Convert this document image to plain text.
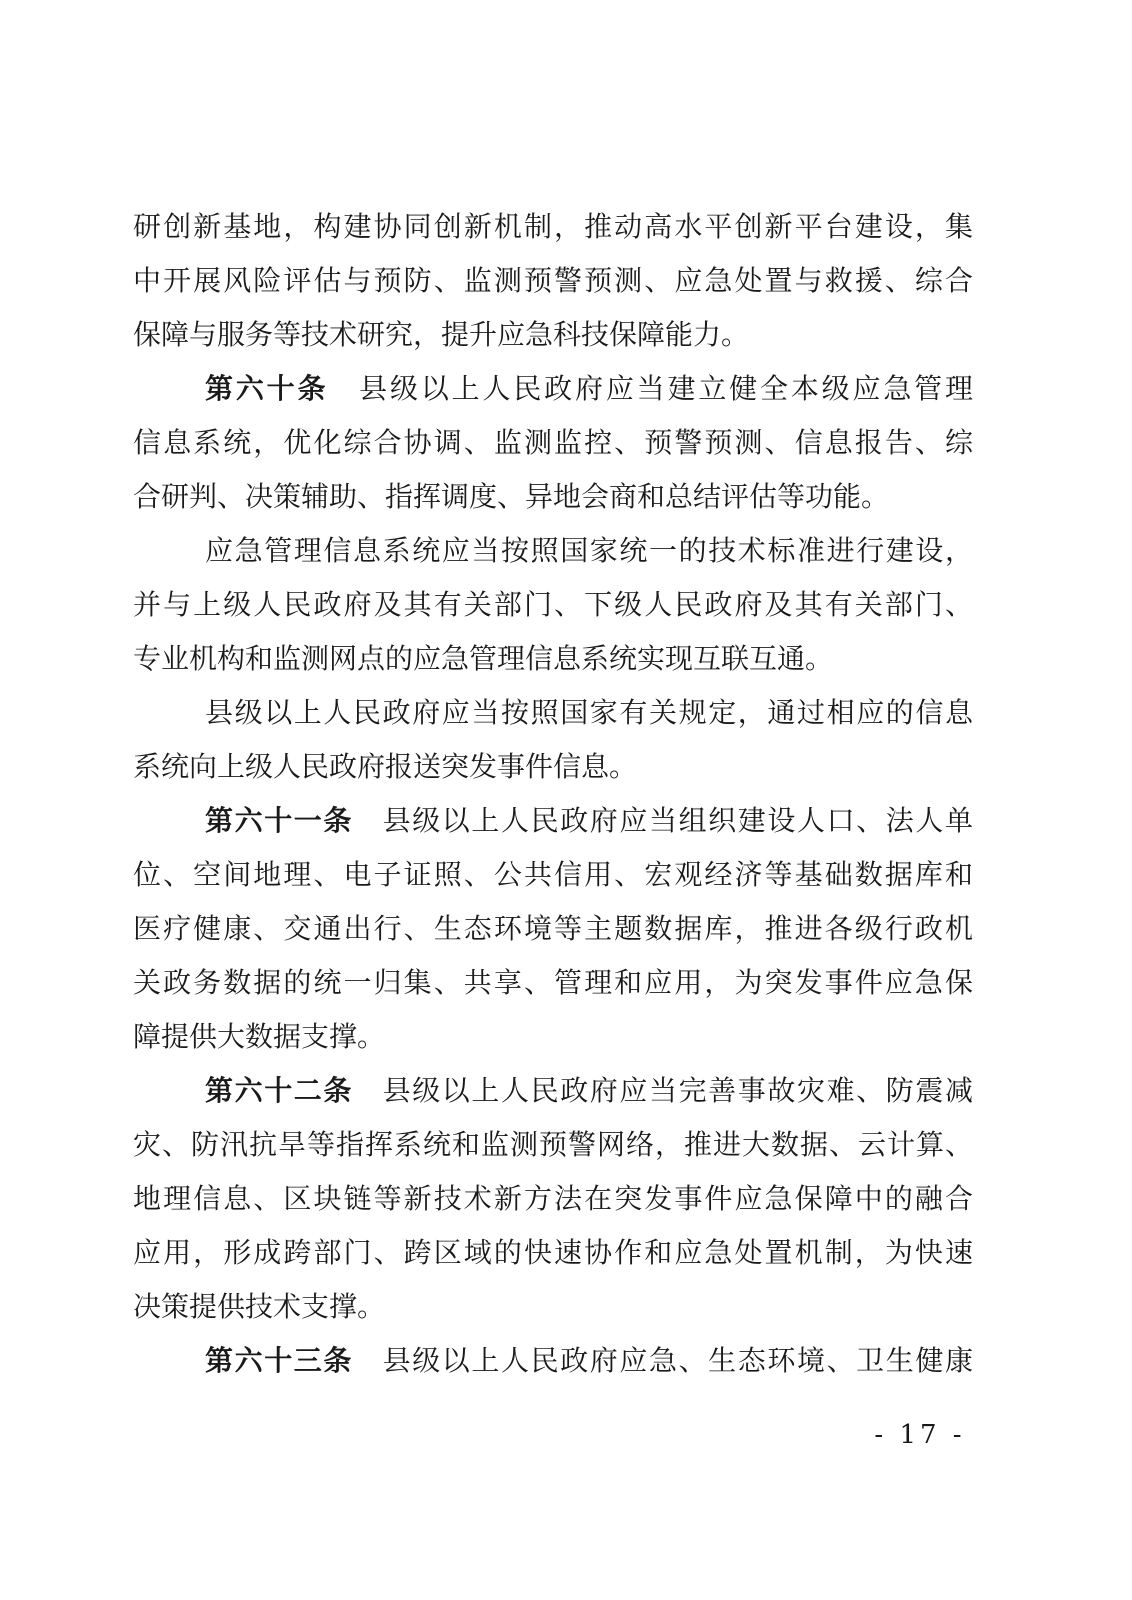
研创新基地，构建协同创新机制，推动高水平创新平台建设，集
中开展风险评估与预防、监测预警预测、应急处置与救援、综合
保障与服务等技术研究，提升应急科技保障能力。
第六十条　县级以上人民政府应当建立健全本级应急管理
信息系统，优化综合协调、监测监控、预警预测、信息报告、综
合研判、决策辅助、指挥调度、异地会商和总结评估等功能。
应急管理信息系统应当按照国家统一的技术标准进行建设，
并与上级人民政府及其有关部门、下级人民政府及其有关部门、
专业机构和监测网点的应急管理信息系统实现互联互通。
县级以上人民政府应当按照国家有关规定，通过相应的信息
系统向上级人民政府报送突发事件信息。
第六十一条　县级以上人民政府应当组织建设人口、法人单
位、空间地理、电子证照、公共信用、宏观经济等基础数据库和
医疗健康、交通出行、生态环境等主题数据库，推进各级行政机
关政务数据的统一归集、共享、管理和应用，为突发事件应急保
障提供大数据支撑。
第六十二条　县级以上人民政府应当完善事故灾难、防震减
灾、防汛抗旱等指挥系统和监测预警网络，推进大数据、云计算、
地理信息、区块链等新技术新方法在突发事件应急保障中的融合
应用，形成跨部门、跨区域的快速协作和应急处置机制，为快速
决策提供技术支撑。
第六十三条　县级以上人民政府应急、生态环境、卫生健康
- 17 -
